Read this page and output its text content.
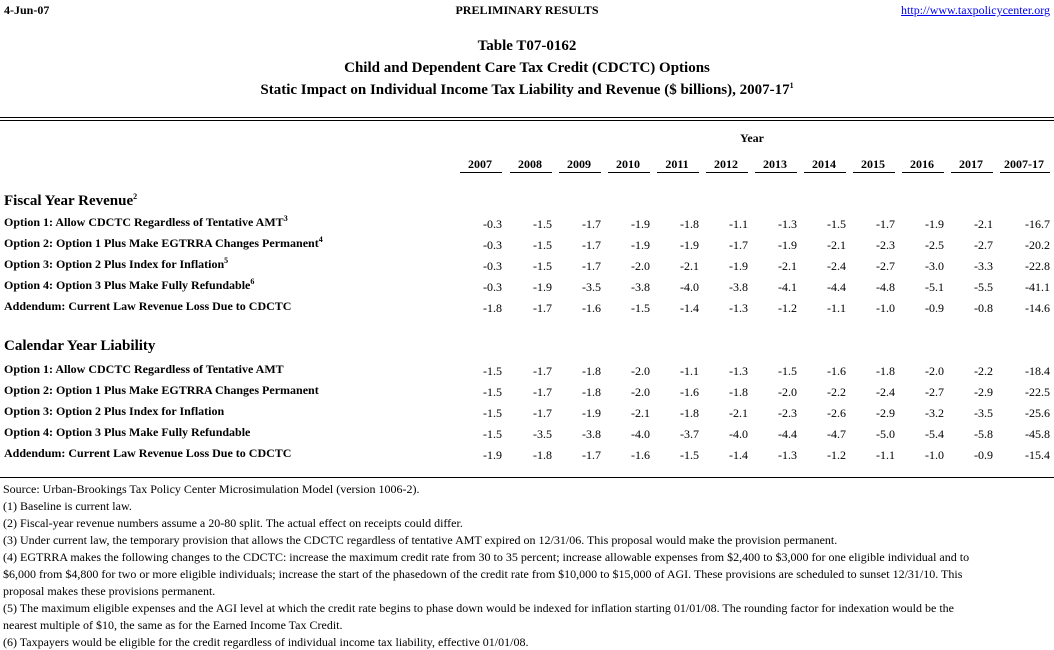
4-Jun-07	PRELIMINARY RESULTS	http://www.taxpolicycenter.org
Table T07-0162
Child and Dependent Care Tax Credit (CDCTC) Options
Static Impact on Individual Income Tax Liability and Revenue ($ billions), $2007-17^1$
Year
2007	2008	2009	2010	2011	2012	2013	2014	2015	2016	2017	2007-17
Fiscal Year Revenue$^2$
Option 1: Allow CDCTC Regardless of Tentative AMT$^3$	-0.3	-1.5	-1.7	-1.9	-1.8	-1.1	-1.3	-1.5	-1.7	-1.9	-2.1	-16.7
Option 2: Option 1 Plus Make EGTRRA Changes Permanent$^4$	-0.3	-1.5	-1.7	-1.9	-1.9	-1.7	-1.9	-2.1	-2.3	-2.5	-2.7	-20.2
Option 3: Option 2 Plus Index for Inflation$^5$	-0.3	-1.5	-1.7	-2.0	-2.1	-1.9	-2.1	-2.4	-2.7	-3.0	-3.3	-22.8
Option 4: Option 3 Plus Make Fully Refundable$^6$	-0.3	-1.9	-3.5	-3.8	-4.0	-3.8	-4.1	-4.4	-4.8	-5.1	-5.5	-41.1
Addendum: Current Law Revenue Loss Due to CDCTC	-1.8	-1.7	-1.6	-1.5	-1.4	-1.3	-1.2	-1.1	-1.0	-0.9	-0.8	-14.6
Calendar Year Liability
Option 1: Allow CDCTC Regardless of Tentative AMT	-1.5	-1.7	-1.8	-2.0	-1.1	-1.3	-1.5	-1.6	-1.8	-2.0	-2.2	-18.4
Option 2: Option 1 Plus Make EGTRRA Changes Permanent	-1.5	-1.7	-1.8	-2.0	-1.6	-1.8	-2.0	-2.2	-2.4	-2.7	-2.9	-22.5
Option 3: Option 2 Plus Index for Inflation	-1.5	-1.7	-1.9	-2.1	-1.8	-2.1	-2.3	-2.6	-2.9	-3.2	-3.5	-25.6
Option 4: Option 3 Plus Make Fully Refundable	-1.5	-3.5	-3.8	-4.0	-3.7	-4.0	-4.4	-4.7	-5.0	-5.4	-5.8	-45.8
Addendum: Current Law Revenue Loss Due to CDCTC	-1.9	-1.8	-1.7	-1.6	-1.5	-1.4	-1.3	-1.2	-1.1	-1.0	-0.9	-15.4
Source: Urban-Brookings Tax Policy Center Microsimulation Model (version 1006-2).
(1) Baseline is current law.
(2) Fiscal-year revenue numbers assume a 20-80 split. The actual effect on receipts could differ.
(3) Under current law, the temporary provision that allows the CDCTC regardless of tentative AMT expired on 12/31/06. This proposal would make the provision permanent.
(4) EGTRRA makes the following changes to the CDCTC: increase the maximum credit rate from 30 to 35 percent; increase allowable expenses from $2,400 to $3,000 for one eligible individual and to
$6,000 from $4,800 for two or more eligible individuals; increase the start of the phasedown of the credit rate from $10,000 to $15,000 of AGI. These provisions are scheduled to sunset 12/31/10. This
proposal makes these provisions permanent.
(5) The maximum eligible expenses and the AGI level at which the credit rate begins to phase down would be indexed for inflation starting 01/01/08. The rounding factor for indexation would be the
nearest multiple of $10, the same as for the Earned Income Tax Credit.
(6) Taxpayers would be eligible for the credit regardless of individual income tax liability, effective 01/01/08.
